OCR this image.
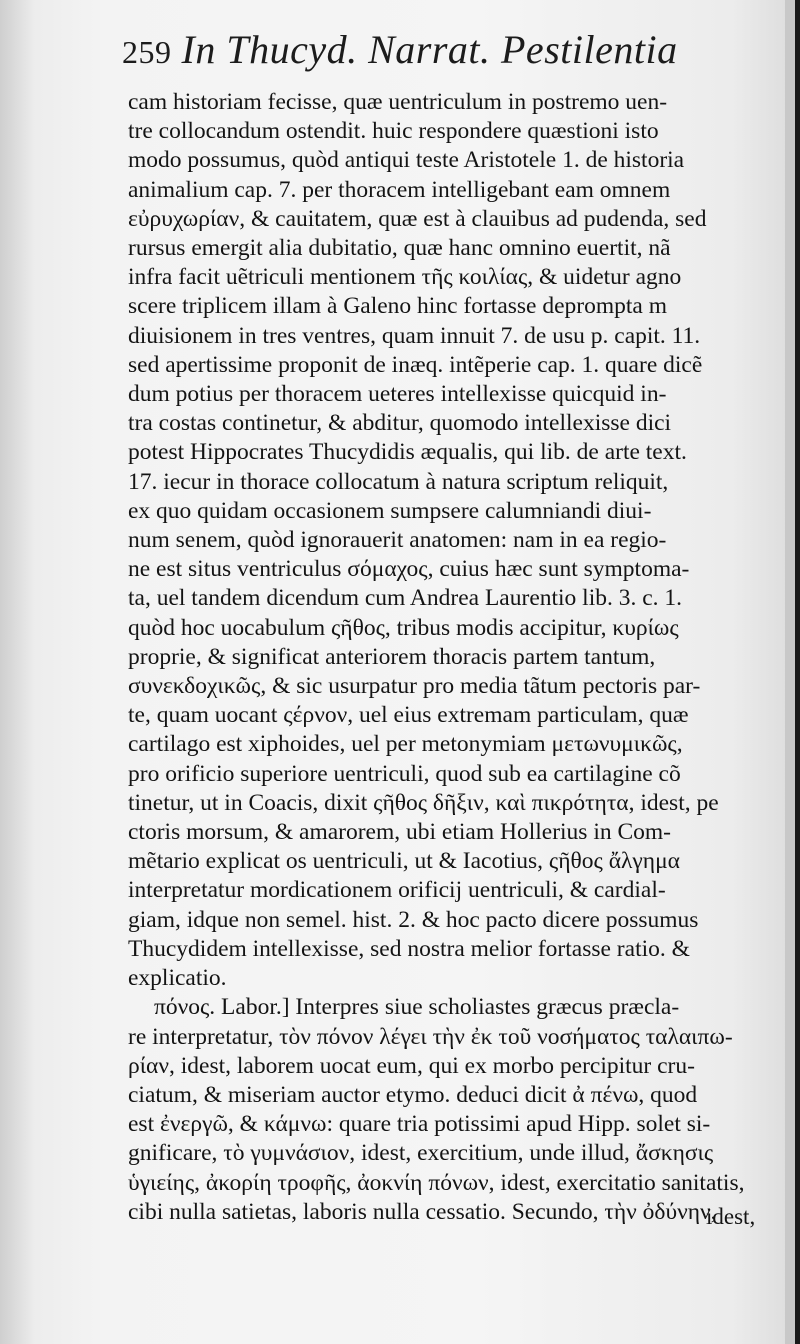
259 In Thucyd. Narrat. Pestilentia
cam historiam fecisse, quæ uentriculum in postremo uen-
tre collocandum ostendit. huic respondere quæstioni isto
modo possumus, quòd antiqui teste Aristotele 1. de historia
animalium cap. 7. per thoracem intelligebant eam omnem
εὐρυχωρίαν, & cauitatem, quæ est à clauibus ad pudenda, sed
rursus emergit alia dubitatio, quæ hanc omnino euertit, nã
infra facit uẽtriculi mentionem τῆς κοιλίας, & uidetur agno
scere triplicem illam à Galeno hinc fortasse deprompta m
diuisionem in tres ventres, quam innuit 7. de usu p. capit. 11.
sed apertissime proponit de inæq. intẽperie cap. 1. quare dicẽ
dum potius per thoracem ueteres intellexisse quicquid in-
tra costas continetur, & abditur, quomodo intellexisse dici
potest Hippocrates Thucydidis æqualis, qui lib. de arte text.
17. iecur in thorace collocatum à natura scriptum reliquit,
ex quo quidam occasionem sumpsere calumniandi diui-
num senem, quòd ignorauerit anatomen: nam in ea regio-
ne est situs ventriculus σόμαχος, cuius hæc sunt symptoma-
ta, uel tandem dicendum cum Andrea Laurentio lib. 3. c. 1.
quòd hoc uocabulum ςῆθος, tribus modis accipitur, κυρίως
proprie, & significat anteriorem thoracis partem tantum,
συνεκδοχικῶς, & sic usurpatur pro media tãtum pectoris par-
te, quam uocant ςέρνον, uel eius extremam particulam, quæ
cartilago est xiphoides, uel per metonymiam μετωνυμικῶς,
pro orificio superiore uentriculi, quod sub ea cartilagine cõ
tinetur, ut in Coacis, dixit ςῆθος δῆξιν, καὶ πικρότητα, idest, pe
ctoris morsum, & amarorem, ubi etiam Hollerius in Com-
mẽtario explicat os uentriculi, ut & Iacotius, ςῆθος ἄλγημα
interpretatur mordicationem orificij uentriculi, & cardial-
giam, idque non semel. hist. 2. & hoc pacto dicere possumus
Thucydidem intellexisse, sed nostra melior fortasse ratio. &
explicatio.
πόνος. Labor.] Interpres siue scholiastes græcus præcla-
re interpretatur, τὸν πόνον λέγει τὴν ἐκ τοῦ νοσήματος ταλαιπω-
ρίαν, idest, laborem uocat eum, qui ex morbo percipitur cru-
ciatum, & miseriam auctor etymo. deduci dicit ἀ πένω, quod
est ἐνεργῶ, & κάμνω: quare tria potissimi apud Hipp. solet si-
gnificare, τὸ γυμνάσιον, idest, exercitium, unde illud, ἄσκησις
ὑγιείης, ἀκορίη τροφῆς, ἀοκνίη πόνων, idest, exercitatio sanitatis,
cibi nulla satietas, laboris nulla cessatio. Secundo, τὴν ὀδύνην,
idest,
